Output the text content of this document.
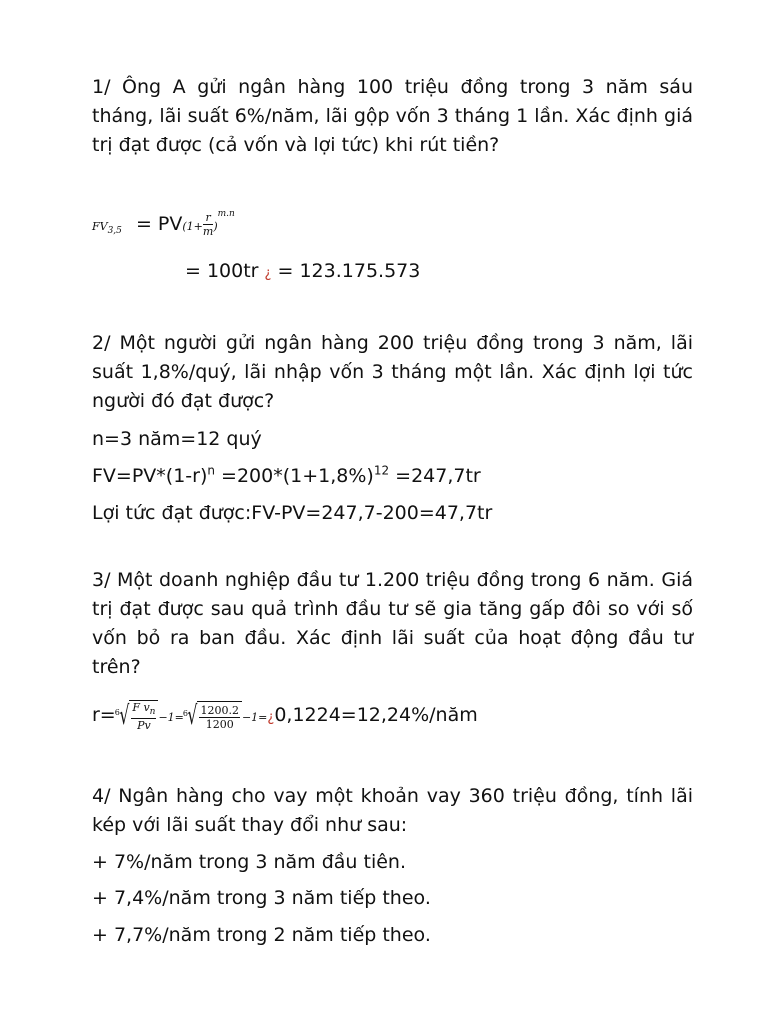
1/ Ông A gửi ngân hàng 100 triệu đồng trong 3 năm sáu tháng, lãi suất 6%/năm, lãi gộp vốn 3 tháng 1 lần. Xác định giá trị đạt được (cả vốn và lợi tức) khi rút tiền?
$FV_{3,5} = PV(1+ \frac{r}{m} )^{m.n}$
= 100tr ¿ = 123.175.573
2/ Một người gửi ngân hàng 200 triệu đồng trong 3 năm, lãi suất 1,8%/quý, lãi nhập vốn 3 tháng một lần. Xác định lợi tức người đó đạt được?
n=3 năm=12 quý
$FV=PV*(1-r)^n =200*(1+1,8\%)^{12} =247,7tr$
Lợi tức đạt được:FV-PV=247,7-200=47,7tr
3/ Một doanh nghiệp đầu tư 1.200 triệu đồng trong 6 năm. Giá trị đạt được sau quả trình đầu tư sẽ gia tăng gấp đôi so với số vốn bỏ ra ban đầu. Xác định lãi suất của hoạt động đầu tư trên?
r= 6 √ $\frac{F v_n}{Pv} -1= 6$ √ $\frac{1200.2}{1200}$ −1=¿0,1224=12,24%/năm
4/ Ngân hàng cho vay một khoản vay 360 triệu đồng, tính lãi kép với lãi suất thay đổi như sau:
+ 7%/năm trong 3 năm đầu tiên.
+ 7,4%/năm trong 3 năm tiếp theo.
+ 7,7%/năm trong 2 năm tiếp theo.
